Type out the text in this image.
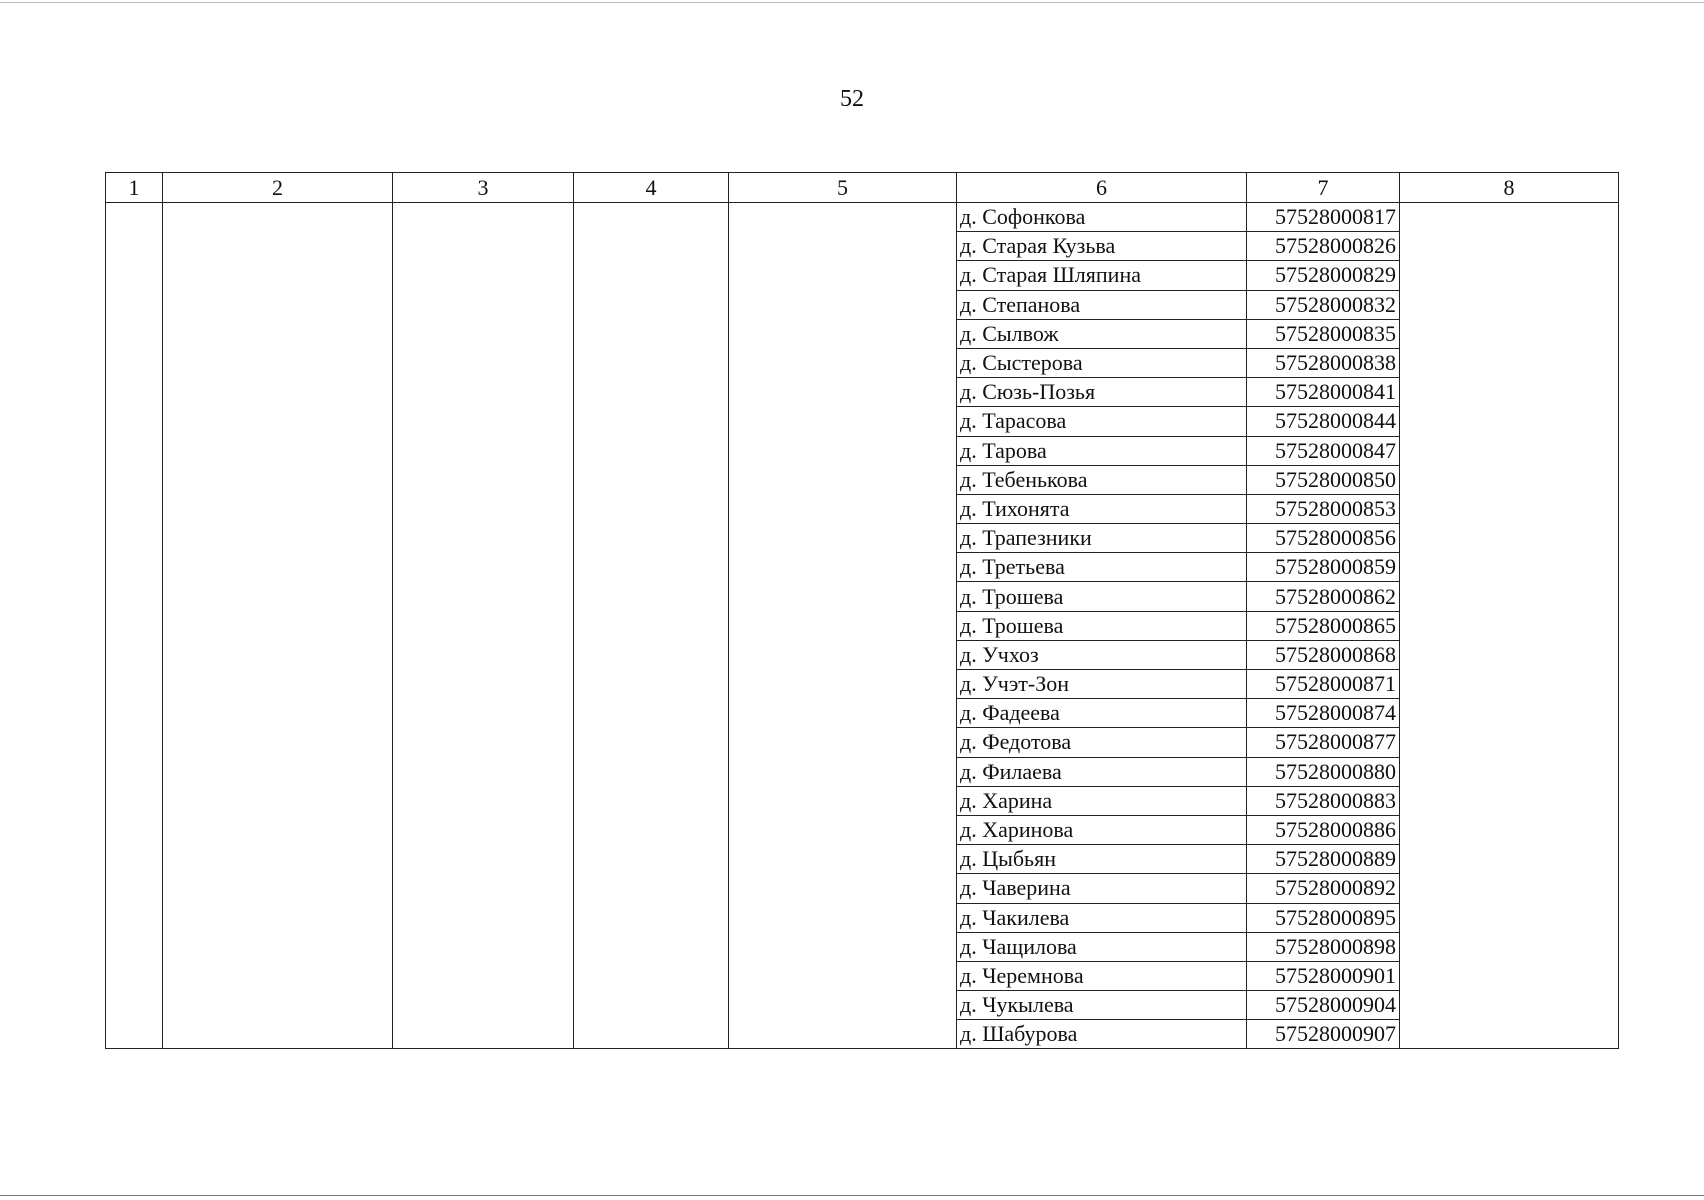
52
1	2	3	4	5	6	7	8
					д. Софонкова	57528000817	
					д. Старая Кузьва	57528000826	
					д. Старая Шляпина	57528000829	
					д. Степанова	57528000832	
					д. Сылвож	57528000835	
					д. Сыстерова	57528000838	
					д. Сюзь-Позья	57528000841	
					д. Тарасова	57528000844	
					д. Тарова	57528000847	
					д. Тебенькова	57528000850	
					д. Тихонята	57528000853	
					д. Трапезники	57528000856	
					д. Третьева	57528000859	
					д. Трошева	57528000862	
					д. Трошева	57528000865	
					д. Учхоз	57528000868	
					д. Учэт-Зон	57528000871	
					д. Фадеева	57528000874	
					д. Федотова	57528000877	
					д. Филаева	57528000880	
					д. Харина	57528000883	
					д. Харинова	57528000886	
					д. Цыбьян	57528000889	
					д. Чаверина	57528000892	
					д. Чакилева	57528000895	
					д. Чащилова	57528000898	
					д. Черемнова	57528000901	
					д. Чукылева	57528000904	
					д. Шабурова	57528000907	
